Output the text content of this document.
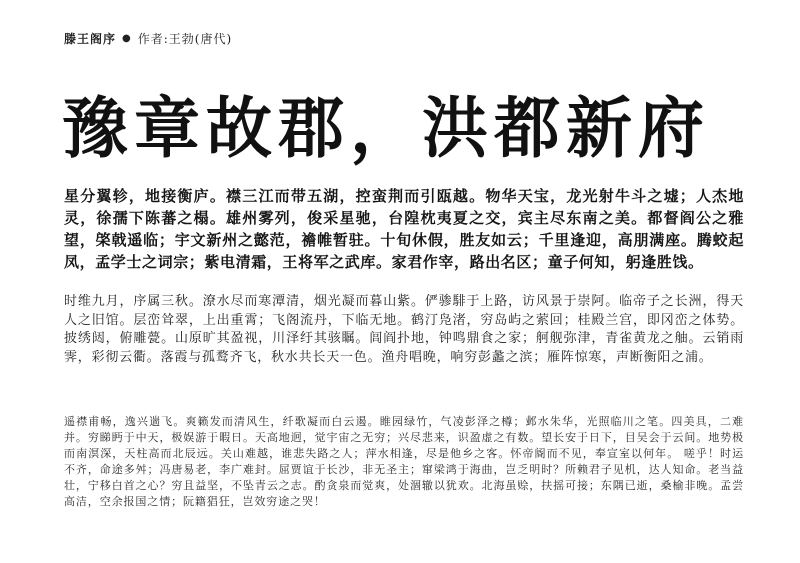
滕王阁序 ● 作者:王勃(唐代)
豫章故郡，洪都新府

星分翼轸，地接衡庐。襟三江而带五湖，控蛮荆而引瓯越。物华天宝，龙光射牛斗之墟；人杰地灵，徐孺下陈蕃之榻。雄州雾列，俊采星驰，台隍枕夷夏之交，宾主尽东南之美。都督阎公之雅望，棨戟遥临；宇文新州之懿范，襜帷暂驻。十旬休假，胜友如云；千里逢迎，高朋满座。腾蛟起凤，孟学士之词宗；紫电清霜，王将军之武库。家君作宰，路出名区；童子何知，躬逢胜饯。

时维九月，序属三秋。潦水尽而寒潭清，烟光凝而暮山紫。俨骖騑于上路，访风景于崇阿。临帝子之长洲，得天人之旧馆。层峦耸翠，上出重霄；飞阁流丹，下临无地。鹤汀凫渚，穷岛屿之萦回；桂殿兰宫，即冈峦之体势。披绣闼，俯雕甍。山原旷其盈视，川泽纡其骇瞩。闾阎扑地，钟鸣鼎食之家；舸舰弥津，青雀黄龙之舳。云销雨霁，彩彻云衢。落霞与孤鹜齐飞，秋水共长天一色。渔舟唱晚，响穷彭蠡之滨；雁阵惊寒，声断衡阳之浦。

遥襟甫畅，逸兴遄飞。爽籁发而清风生，纤歌凝而白云遏。睢园绿竹，气凌彭泽之樽；邺水朱华，光照临川之笔。四美具，二难并。穷睇眄于中天，极娱游于暇日。天高地迥，觉宇宙之无穷；兴尽悲来，识盈虚之有数。望长安于日下，目吴会于云间。地势极而南溟深，天柱高而北辰远。关山难越，谁悲失路之人；萍水相逢，尽是他乡之客。怀帝阍而不见，奉宣室以何年。 嗟乎！时运不齐，命途多舛；冯唐易老，李广难封。屈贾谊于长沙，非无圣主；窜梁鸿于海曲，岂乏明时？所赖君子见机，达人知命。老当益壮，宁移白首之心？穷且益坚，不坠青云之志。酌贪泉而觉爽，处涸辙以犹欢。北海虽赊，扶摇可接；东隅已逝，桑榆非晚。孟尝高洁，空余报国之情；阮籍猖狂，岂效穷途之哭！
